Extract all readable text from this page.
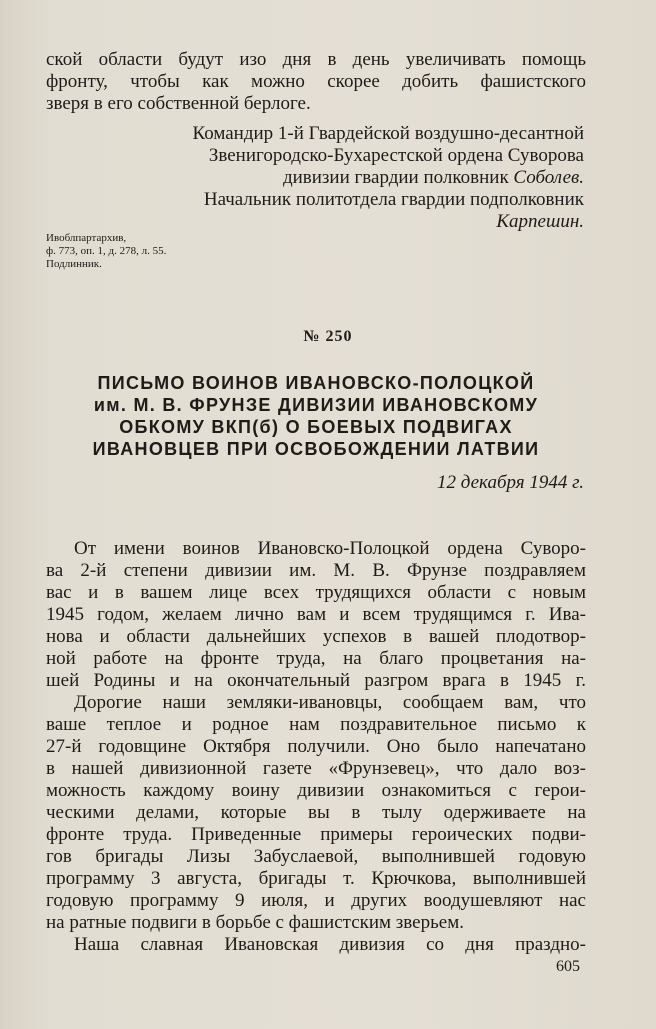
ской области будут изо дня в день увеличивать помощь
фронту, чтобы как можно скорее добить фашистского
зверя в его собственной берлоге.
Командир 1-й Гвардейской воздушно-десантной
Звенигородско-Бухарестской ордена Суворова
дивизии гвардии полковник Соболев.
Начальник политотдела гвардии подполковник
Карпешин.
Ивоблпартархив,
ф. 773, оп. 1, д. 278, л. 55.
Подлинник.
№ 250
ПИСЬМО ВОИНОВ ИВАНОВСКО-ПОЛОЦКОЙ
им. М. В. ФРУНЗЕ ДИВИЗИИ ИВАНОВСКОМУ
ОБКОМУ ВКП(б) О БОЕВЫХ ПОДВИГАХ
ИВАНОВЦЕВ ПРИ ОСВОБОЖДЕНИИ ЛАТВИИ
12 декабря 1944 г.
От имени воинов Ивановско-Полоцкой ордена Суворо-
ва 2-й степени дивизии им. М. В. Фрунзе поздравляем
вас и в вашем лице всех трудящихся области с новым
1945 годом, желаем лично вам и всем трудящимся г. Ива-
нова и области дальнейших успехов в вашей плодотвор-
ной работе на фронте труда, на благо процветания на-
шей Родины и на окончательный разгром врага в 1945 г.
Дорогие наши земляки-ивановцы, сообщаем вам, что
ваше теплое и родное нам поздравительное письмо к
27-й годовщине Октября получили. Оно было напечатано
в нашей дивизионной газете «Фрунзевец», что дало воз-
можность каждому воину дивизии ознакомиться с герои-
ческими делами, которые вы в тылу одерживаете на
фронте труда. Приведенные примеры героических подви-
гов бригады Лизы Забуслаевой, выполнившей годовую
программу 3 августа, бригады т. Крючкова, выполнившей
годовую программу 9 июля, и других воодушевляют нас
на ратные подвиги в борьбе с фашистским зверьем.
Наша славная Ивановская дивизия со дня праздно-
605
